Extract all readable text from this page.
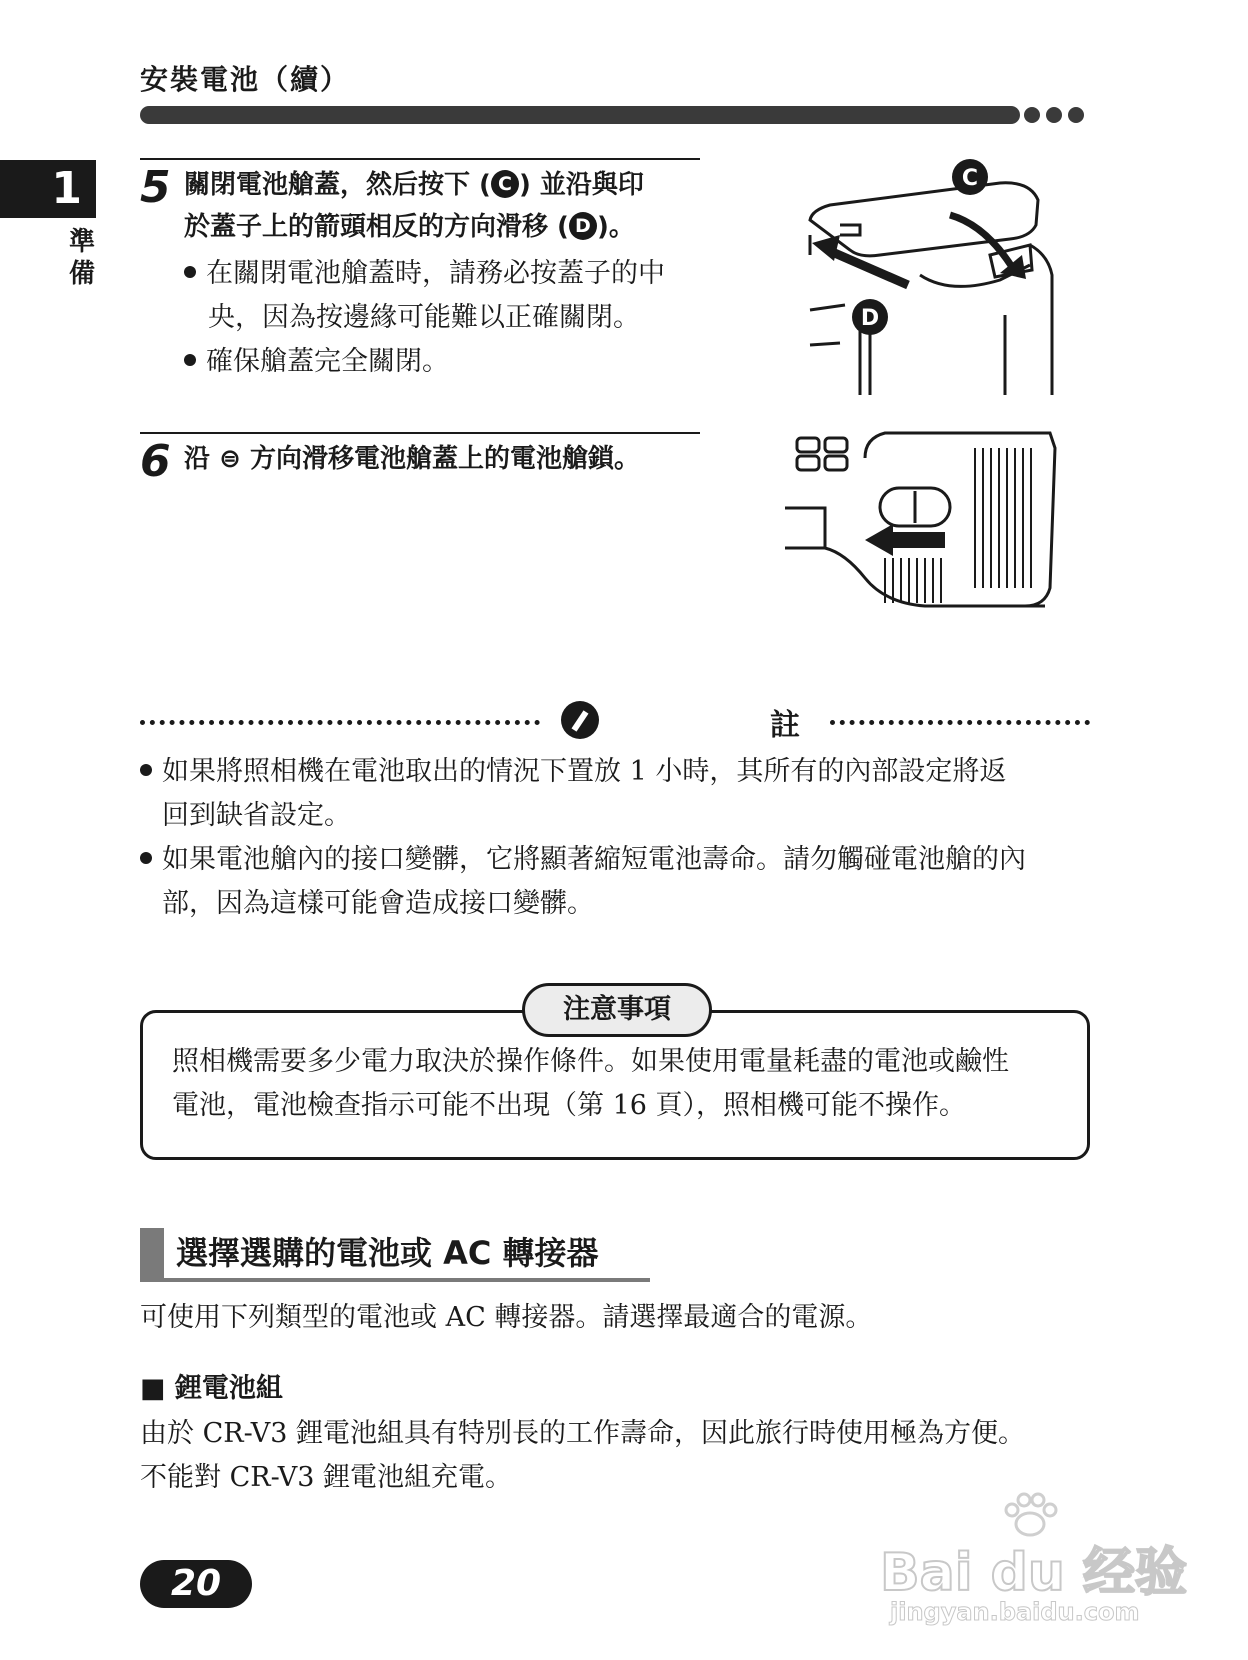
安裝電池（續）
1
準
備
5 關閉電池艙蓋，然后按下 ( C ) 並沿與印
於蓋子上的箭頭相反的方向滑移 ( D )。
在關閉電池艙蓋時，請務必按蓋子的中
央，因為按邊緣可能難以正確關閉。
確保艙蓋完全關閉。
C
D
6 沿 ⊜ 方向滑移電池艙蓋上的電池艙鎖。
註
如果將照相機在電池取出的情況下置放 1 小時，其所有的內部設定將返
回到缺省設定。
如果電池艙內的接口變髒，它將顯著縮短電池壽命。請勿觸碰電池艙的內
部，因為這樣可能會造成接口變髒。
注意事項
照相機需要多少電力取決於操作條件。如果使用電量耗盡的電池或鹼性
電池，電池檢查指示可能不出現（第 16 頁），照相機可能不操作。
選擇選購的電池或 AC 轉接器
可使用下列類型的電池或 AC 轉接器。請選擇最適合的電源。
■ 鋰電池組
由於 CR-V3 鋰電池組具有特別長的工作壽命，因此旅行時使用極為方便。
不能對 CR-V3 鋰電池組充電。
20	Bai du 经验
jingyan.baidu.com
